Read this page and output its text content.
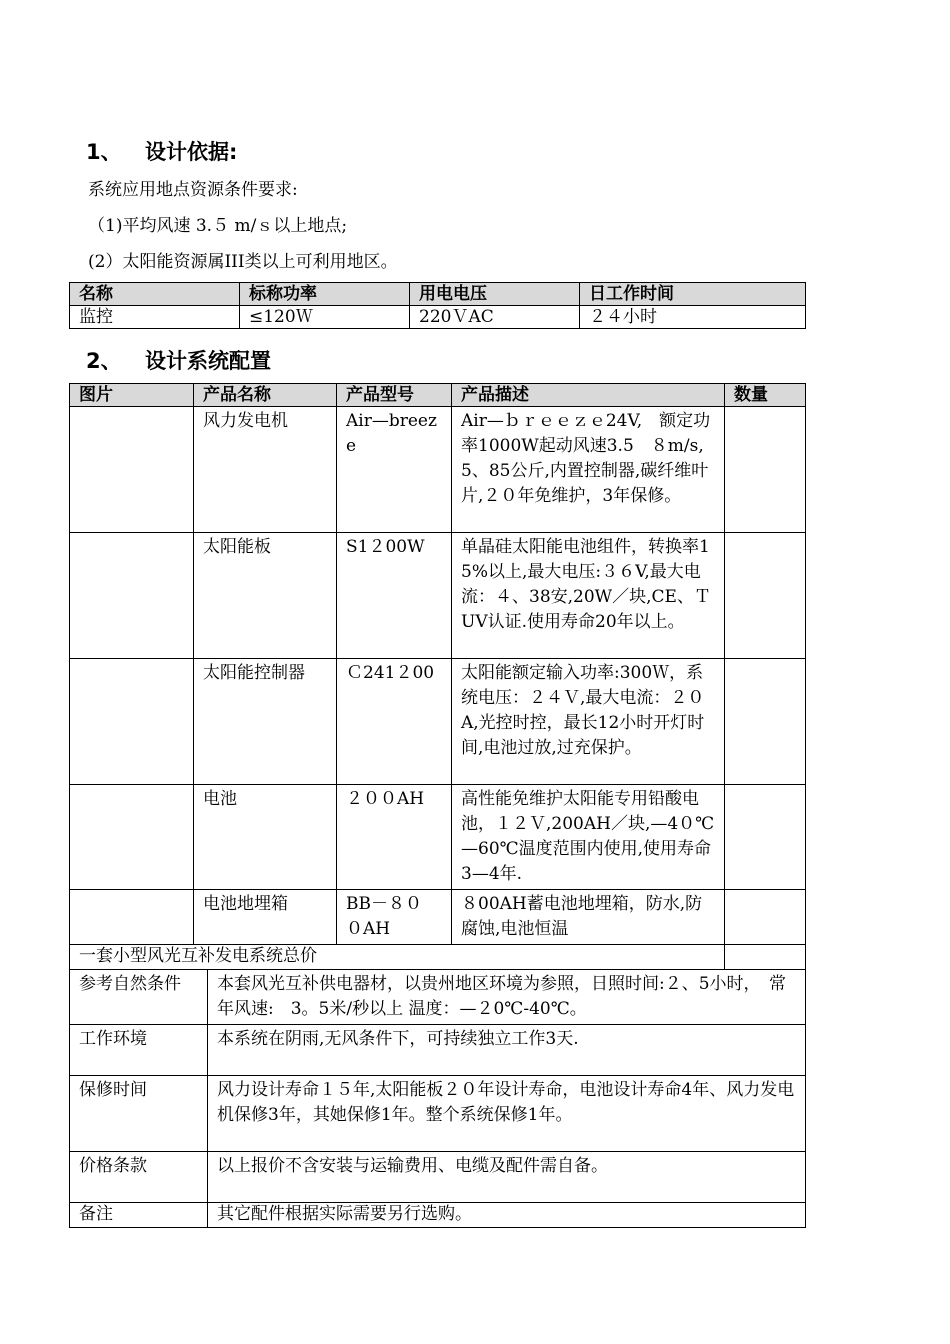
1、 设计依据:
系统应用地点资源条件要求:
（1)平均风速 3.５ m/ｓ以上地点;
(2）太阳能资源属III类以上可利用地区。
名称	标称功率	用电电压	日工作时间
监控	≤120Ｗ	220ＶAC	２４小时
2、 设计系统配置
图片	产品名称		产品型号	产品描述	数量
	风力发电机		Air—breeze	Air—ｂｒｅｅｚｅ24V,　额定功率1000W起动风速3.5　８m/s,5、85公斤,内置控制器,碳纤维叶片,２０年免维护，3年保修。	
	太阳能板		S1２00W	单晶硅太阳能电池组件，转换率15%以上,最大电压:３６V,最大电流：４、38安,20W／块,CE、ＴUV认证.使用寿命20年以上。	
	太阳能控制器		Ｃ241２00	太阳能额定输入功率:300Ｗ，系统电压：２４Ｖ,最大电流：２０A,光控时控，最长12小时开灯时间,电池过放,过充保护。	
	电池		２００AH	高性能免维护太阳能专用铅酸电池，１２Ｖ,200AH／块,—4０℃—60℃温度范围内使用,使用寿命3—4年.	
	电池地埋箱		BB－８０　０AH	８00AH蓄电池地埋箱，防水,防腐蚀,电池恒温	
一套小型风光互补发电系统总价					
参考自然条件		本套风光互补供电器材，以贵州地区环境为参照，日照时间:２、5小时，　常年风速:　3。5米/秒以上 温度：—２0℃-40℃。			
工作环境		本系统在阴雨,无风条件下，可持续独立工作3天.			
保修时间		风力设计寿命１５年,太阳能板２０年设计寿命，电池设计寿命4年、风力发电机保修3年，其她保修1年。整个系统保修1年。			
价格条款		以上报价不含安装与运输费用、电缆及配件需自备。			
备注		其它配件根据实际需要另行选购。			
